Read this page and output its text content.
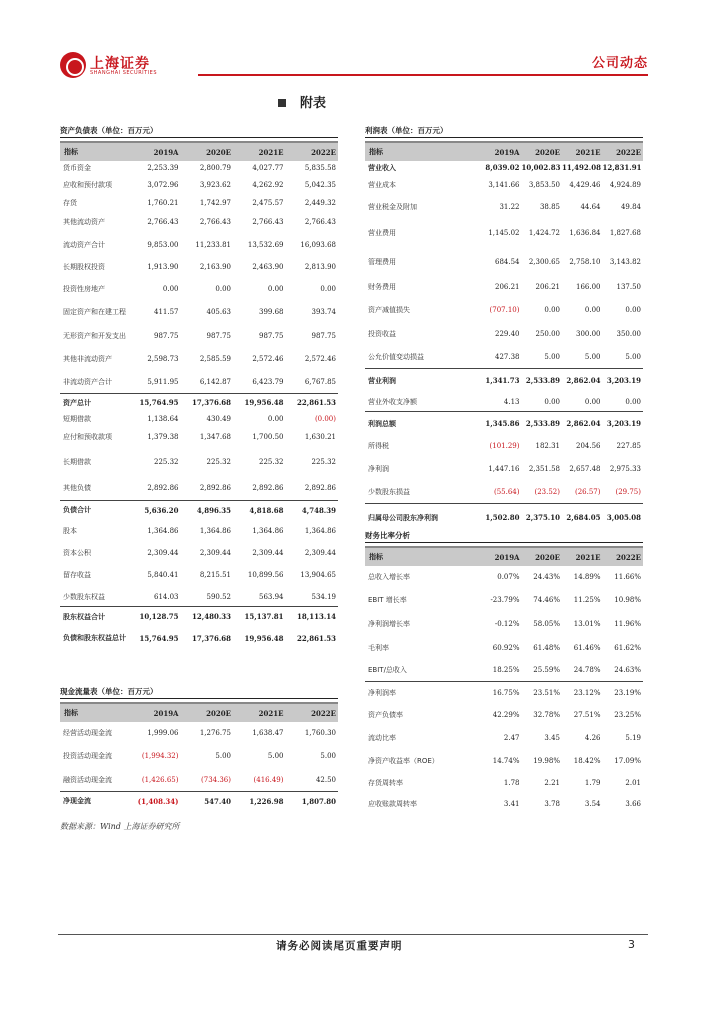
上海证券
SHANGHAI SECURITIES
公司动态
附表
资产负债表（单位：百万元）
指标	2019A	2020E	2021E	2022E
货币资金	2,253.39	2,800.79	4,027.77	5,835.58
应收和预付款项	3,072.96	3,923.62	4,262.92	5,042.35
存货	1,760.21	1,742.97	2,475.57	2,449.32
其他流动资产	2,766.43	2,766.43	2,766.43	2,766.43
流动资产合计	9,853.00	11,233.81	13,532.69	16,093.68
长期股权投资	1,913.90	2,163.90	2,463.90	2,813.90
投资性房地产	0.00	0.00	0.00	0.00
固定资产和在建工程	411.57	405.63	399.68	393.74
无形资产和开发支出	987.75	987.75	987.75	987.75
其他非流动资产	2,598.73	2,585.59	2,572.46	2,572.46
非流动资产合计	5,911.95	6,142.87	6,423.79	6,767.85
资产总计	15,764.95	17,376.68	19,956.48	22,861.53
短期借款	1,138.64	430.49	0.00	(0.00)
应付和预收款项	1,379.38	1,347.68	1,700.50	1,630.21
长期借款	225.32	225.32	225.32	225.32
其他负债	2,892.86	2,892.86	2,892.86	2,892.86
负债合计	5,636.20	4,896.35	4,818.68	4,748.39
股本	1,364.86	1,364.86	1,364.86	1,364.86
资本公积	2,309.44	2,309.44	2,309.44	2,309.44
留存收益	5,840.41	8,215.51	10,899.56	13,904.65
少数股东权益	614.03	590.52	563.94	534.19
股东权益合计	10,128.75	12,480.33	15,137.81	18,113.14
负债和股东权益总计	15,764.95	17,376.68	19,956.48	22,861.53
现金流量表（单位：百万元）
指标	2019A	2020E	2021E	2022E
经营活动现金流	1,999.06	1,276.75	1,638.47	1,760.30
投资活动现金流	(1,994.32)	5.00	5.00	5.00
融资活动现金流	(1,426.65)	(734.36)	(416.49)	42.50
净现金流	(1,408.34)	547.40	1,226.98	1,807.80
利润表（单位：百万元）
指标	2019A	2020E	2021E	2022E
营业收入	8,039.02 10,002.83 11,492.08 12,831.91
营业成本	3,141.66	3,853.50	4,429.46	4,924.89
营业税金及附加	31.22	38.85	44.64	49.84
营业费用	1,145.02	1,424.72	1,636.84	1,827.68
管理费用	684.54	2,300.65	2,758.10	3,143.82
财务费用	206.21	206.21	166.00	137.50
资产减值损失	(707.10)	0.00	0.00	0.00
投资收益	229.40	250.00	300.00	350.00
公允价值变动损益	427.38	5.00	5.00	5.00
营业利润	1,341.73 2,533.89 2,862.04 3,203.19
营业外收支净额	4.13	0.00	0.00	0.00
利润总额	1,345.86 2,533.89 2,862.04 3,203.19
所得税	(101.29)	182.31	204.56	227.85
净利润	1,447.16	2,351.58	2,657.48	2,975.33
少数股东损益	(55.64)	(23.52)	(26.57)	(29.75)
归属母公司股东净利润	1,502.80 2,375.10 2,684.05 3,005.08
财务比率分析
指标	2019A	2020E	2021E	2022E
总收入增长率	0.07%	24.43%	14.89%	11.66%
EBIT 增长率	-23.79%	74.46%	11.25%	10.98%
净利润增长率	-0.12%	58.05%	13.01%	11.96%
毛利率	60.92%	61.48%	61.46%	61.62%
EBIT/总收入	18.25%	25.59%	24.78%	24.63%
净利润率	16.75%	23.51%	23.12%	23.19%
资产负债率	42.29%	32.78%	27.51%	23.25%
流动比率	2.47	3.45	4.26	5.19
净资产收益率（ROE）	14.74%	19.98%	18.42%	17.09%
存货周转率	1.78	2.21	1.79	2.01
应收账款周转率	3.41	3.78	3.54	3.66
数据来源：Wind 上海证券研究所
请务必阅读尾页重要声明	3
